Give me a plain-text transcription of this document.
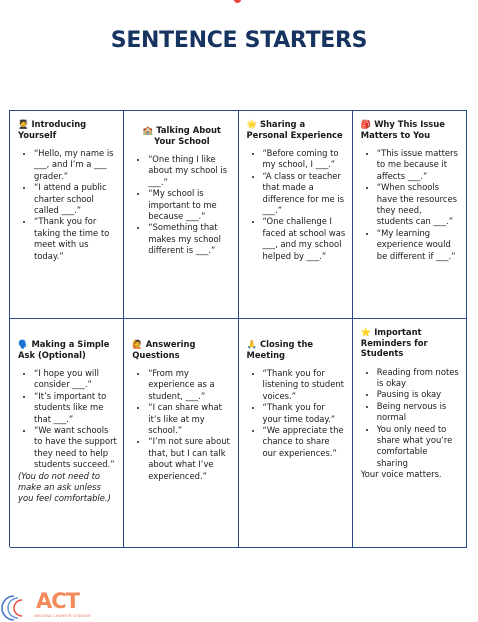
SENTENCE STARTERS
🧑‍🎓 Introducing Yourself
• “Hello, my name is ___, and I’m a ___ grader.”
• “I attend a public charter school called ___.”
• “Thank you for taking the time to meet with us today.”
🏫 Talking About Your School
• “One thing I like about my school is ___.”
• “My school is important to me because ___.”
• “Something that makes my school different is ___.”
🌟 Sharing a Personal Experience
• “Before coming to my school, I ___.”
• “A class or teacher that made a difference for me is ___.”
• “One challenge I faced at school was ___, and my school helped by ___.”
🎒 Why This Issue Matters to You
• “This issue matters to me because it affects ___.”
• “When schools have the resources they need, students can ___.”
• “My learning experience would be different if ___.”
🗣️ Making a Simple Ask (Optional)
• “I hope you will consider ___.”
• “It’s important to students like me that ___.”
• “We want schools to have the support they need to help students succeed.”

(You do not need to make an ask unless you feel comfortable.)

🙋 Answering Questions
• “From my experience as a student, ___.”
• “I can share what it’s like at my school.”
• “I’m not sure about that, but I can talk about what I’ve experienced.”
🙏 Closing the Meeting
• “Thank you for listening to student voices.”
• “Thank you for your time today.”
• “We appreciate the chance to share our experiences.”
⭐ Important Reminders for Students
• Reading from notes is okay
• Pausing is okay
• Being nervous is normal
• You only need to share what you’re comfortable sharing

Your voice matters.

ACT
ARIZONA CHARTER STUDENT
